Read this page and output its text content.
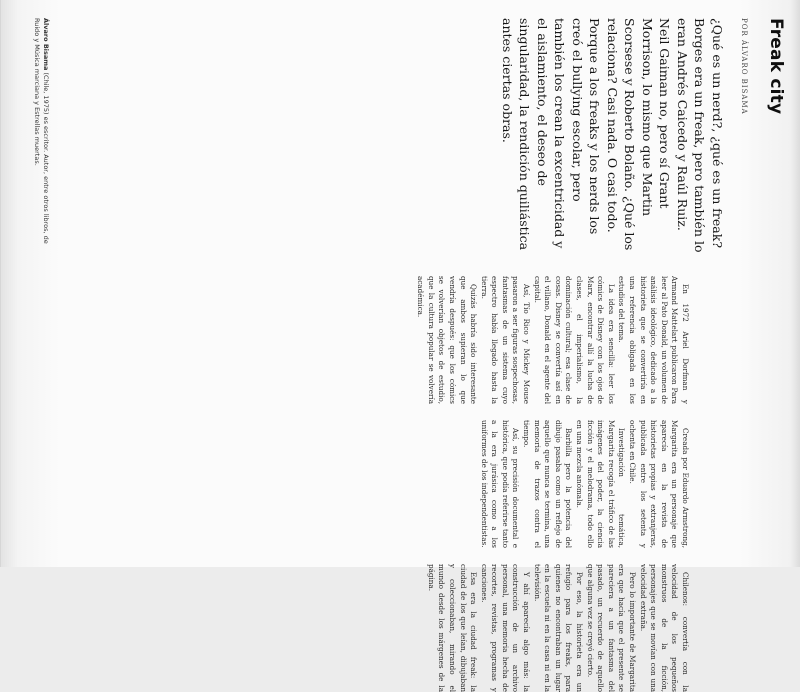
Freak city
POR ÁLVARO BISAMA
¿Qué es un nerd?, ¿qué es un freak? Borges era un freak, pero también lo eran Andrés Caicedo y Raúl Ruiz. Neil Gaiman no, pero sí Grant Morrison, lo mismo que Martin Scorsese y Roberto Bolaño. ¿Qué los relaciona? Casi nada. O casi todo. Porque a los freaks y los nerds los creó el bullying escolar, pero también los crean la excentricidad y el aislamiento, el deseo de singularidad, la rendición quiliástica antes ciertas obras.
Álvaro Bisama (Chile, 1975) es escritor. Autor, entre otros libros, de Ruido y Música marciana y Estrellas muertas.

En 1972 Ariel Dorfman y Armand Mattelart publicaron Para leer al Pato Donald, un volumen de análisis ideológico, dedicado a la historieta que se convertiría en una referencia obligada en los estudios del tema.

La idea era sencilla: leer los cómics de Disney con los ojos de Marx, encontrar allí la lucha de clases, el imperialismo, la dominación cultural; esa clase de cosas. Disney se convertía así en el villano, Donald en el agente del capital.

Así, Tío Rico y Mickey Mouse pasaron a ser figuras sospechosas, fantasmas de un sistema cuyo espectro había llegado hasta la tierra.

Quizás habría sido interesante que ambos supieran lo que vendría después: que los cómics se volverían objetos de estudio, que la cultura popular se volvería académica.

Creada por Eduardo Armstrong, Margarita era un personaje que aparecía en la revista de historietas propias y extranjeras, publicada entre los setenta y ochenta en Chile.

Investigación temática, Margarita recogía el tráfico de las imágenes del poder, la ciencia ficción y el melodrama, todo ello en una mezcla anómala.

Barbilla pero la potencia del dibujo pasaba como un reflejo de aquello que nunca se termina, una memoria de trazos contra el tiempo.

Así, su precisión documental e histórica, que podía referirse tanto a la era jurásica como a los uniformes de los independentistas.

Chilenos: convertía con la velocidad de los pequeños monstruos de la ficción, personajes que se movían con una velocidad extraña.

Pero lo importante de Margarita era que hacía que el presente se pareciera a un fantasma del pasado, un recuerdo de aquello que alguna vez se creyó cierto.

Por eso, la historieta era un refugio para los freaks, para quienes no encontraban un lugar en la escuela ni en la casa ni en la televisión.

Y ahí aparecía algo más: la construcción de un archivo personal, una memoria hecha de recortes, revistas, programas y canciones.

Esa era la ciudad freak: la ciudad de los que leían, dibujaban y coleccionaban, mirando el mundo desde los márgenes de la página.
